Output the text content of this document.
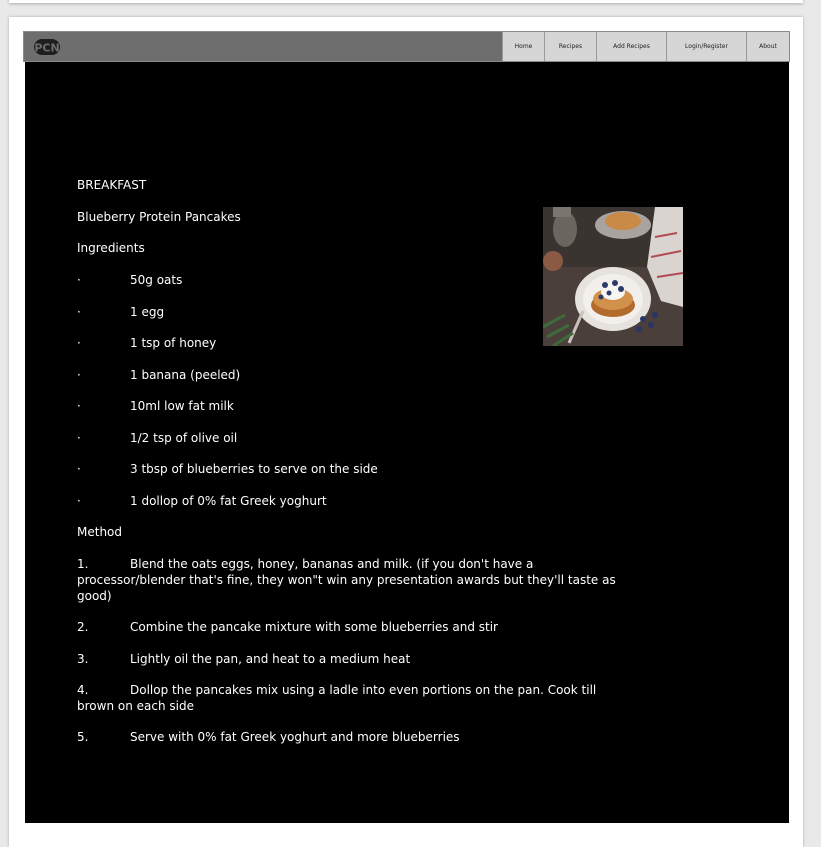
PCN	Home	Recipes	Add Recipes	Login/Register	About
BREAKFAST
Blueberry Protein Pancakes
Ingredients
·	50g oats
·	1 egg
·	1 tsp of honey
·	1 banana (peeled)
·	10ml low fat milk
·	1/2 tsp of olive oil
·	3 tbsp of blueberries to serve on the side
·	1 dollop of 0% fat Greek yoghurt
Method
1.	Blend the oats eggs, honey, bananas and milk. (if you don't have a
processor/blender that's fine, they won"t win any presentation awards but they'll taste as good)
2.	Combine the pancake mixture with some blueberries and stir
3.	Lightly oil the pan, and heat to a medium heat
4.	Dollop the pancakes mix using a ladle into even portions on the pan. Cook till
brown on each side
5.	Serve with 0% fat Greek yoghurt and more blueberries
